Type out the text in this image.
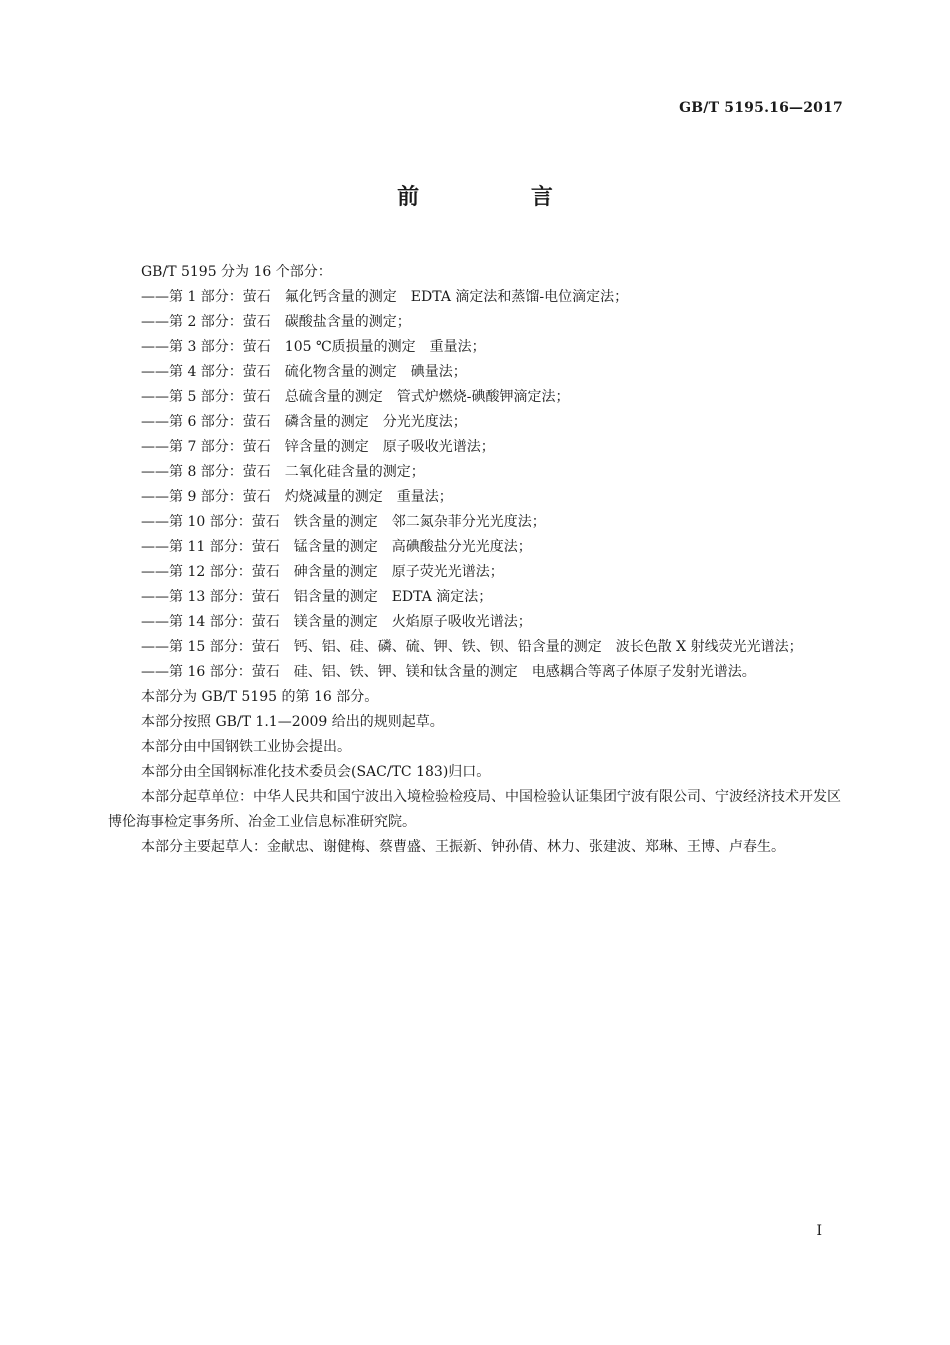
GB/T 5195.16—2017
前 言
GB/T 5195 分为 16 个部分：
——第 1 部分：萤石　氟化钙含量的测定　EDTA 滴定法和蒸馏-电位滴定法；
——第 2 部分：萤石　碳酸盐含量的测定；
——第 3 部分：萤石　105 ℃质损量的测定　重量法；
——第 4 部分：萤石　硫化物含量的测定　碘量法；
——第 5 部分：萤石　总硫含量的测定　管式炉燃烧-碘酸钾滴定法；
——第 6 部分：萤石　磷含量的测定　分光光度法；
——第 7 部分：萤石　锌含量的测定　原子吸收光谱法；
——第 8 部分：萤石　二氧化硅含量的测定；
——第 9 部分：萤石　灼烧减量的测定　重量法；
——第 10 部分：萤石　铁含量的测定　邻二氮杂菲分光光度法；
——第 11 部分：萤石　锰含量的测定　高碘酸盐分光光度法；
——第 12 部分：萤石　砷含量的测定　原子荧光光谱法；
——第 13 部分：萤石　铝含量的测定　EDTA 滴定法；
——第 14 部分：萤石　镁含量的测定　火焰原子吸收光谱法；
——第 15 部分：萤石　钙、铝、硅、磷、硫、钾、铁、钡、铅含量的测定　波长色散 X 射线荧光光谱法；
——第 16 部分：萤石　硅、铝、铁、钾、镁和钛含量的测定　电感耦合等离子体原子发射光谱法。
本部分为 GB/T 5195 的第 16 部分。
本部分按照 GB/T 1.1—2009 给出的规则起草。
本部分由中国钢铁工业协会提出。
本部分由全国钢标准化技术委员会(SAC/TC 183)归口。
本部分起草单位：中华人民共和国宁波出入境检验检疫局、中国检验认证集团宁波有限公司、宁波经济技术开发区博伦海事检定事务所、冶金工业信息标准研究院。
本部分主要起草人：金献忠、谢健梅、蔡曹盛、王振新、钟孙倩、林力、张建波、郑琳、王博、卢春生。
I
